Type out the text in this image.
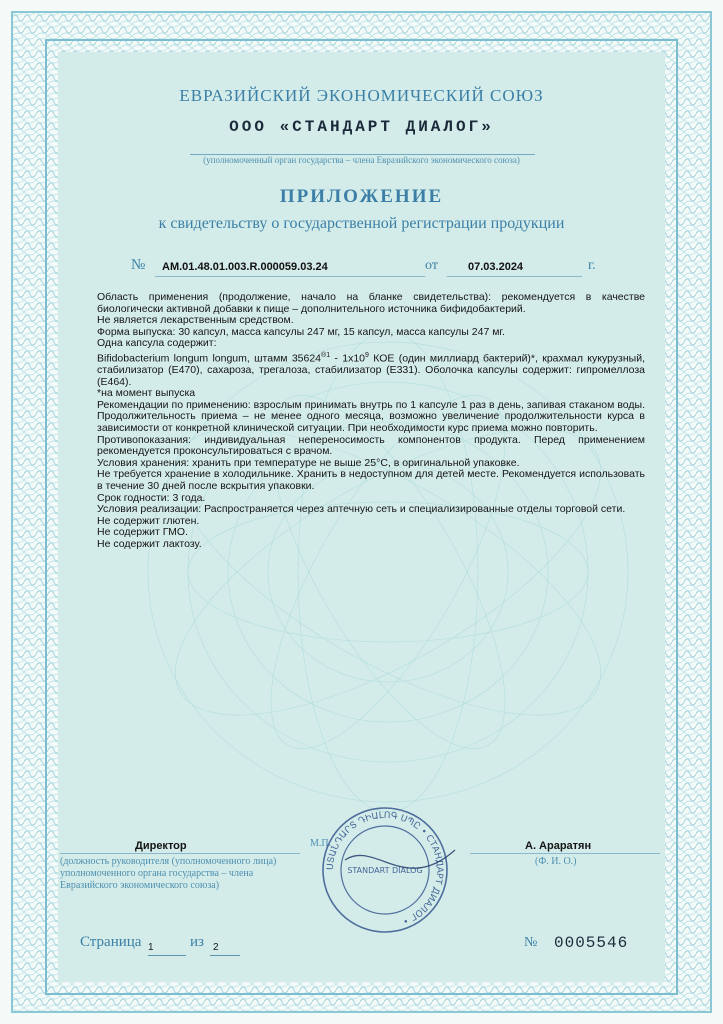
ЕВРАЗИЙСКИЙ ЭКОНОМИЧЕСКИЙ СОЮЗ
ООО «СТАНДАРТ ДИАЛОГ»
(уполномоченный орган государства – члена Евразийского экономического союза)
ПРИЛОЖЕНИЕ
к свидетельству о государственной регистрации продукции
№ AM.01.48.01.003.R.000059.03.24	от	07.03.2024	г.

Область применения (продолжение, начало на бланке свидетельства): рекомендуется в качестве биологически активной добавки к пище – дополнительного источника бифидобактерий.

Не является лекарственным средством.

Форма выпуска: 30 капсул, масса капсулы 247 мг, 15 капсул, масса капсулы 247 мг.

Одна капсула содержит:

Bifidobacterium longum longum, штамм $35624^{®1} - 1x10^9$ КОЕ (один миллиард бактерий)*, крахмал кукурузный, стабилизатор (E470), сахароза, трегалоза, стабилизатор (E331). Оболочка капсулы содержит: гипромеллоза (E464).

*на момент выпуска

Рекомендации по применению: взрослым принимать внутрь по 1 капсуле 1 раз в день, запивая стаканом воды. Продолжительность приема – не менее одного месяца, возможно увеличение продолжительности курса в зависимости от конкретной клинической ситуации. При необходимости курс приема можно повторить.

Противопоказания: индивидуальная непереносимость компонентов продукта. Перед применением рекомендуется проконсультироваться с врачом.

Условия хранения: хранить при температуре не выше 25°С, в оригинальной упаковке.

Не требуется хранение в холодильнике. Хранить в недоступном для детей месте. Рекомендуется использовать в течение 30 дней после вскрытия упаковки.

Срок годности: 3 года.

Условия реализации: Распространяется через аптечную сеть и специализированные отделы торговой сети.

Не содержит глютен.

Не содержит ГМО.

Не содержит лактозу.

Директор
(должность руководителя (уполномоченного лица) уполномоченного органа государства – члена Евразийского экономического союза)
М.П.
ՍՏԱՆԴԱՐՏ ԴԻԱԼՈԳ ՍՊԸ • СТАНДАРТ ДИАЛОГ •
STANDART DIALOG
А. Араратян
(Ф. И. О.)
Страница 1 из 2	№ 0005546
